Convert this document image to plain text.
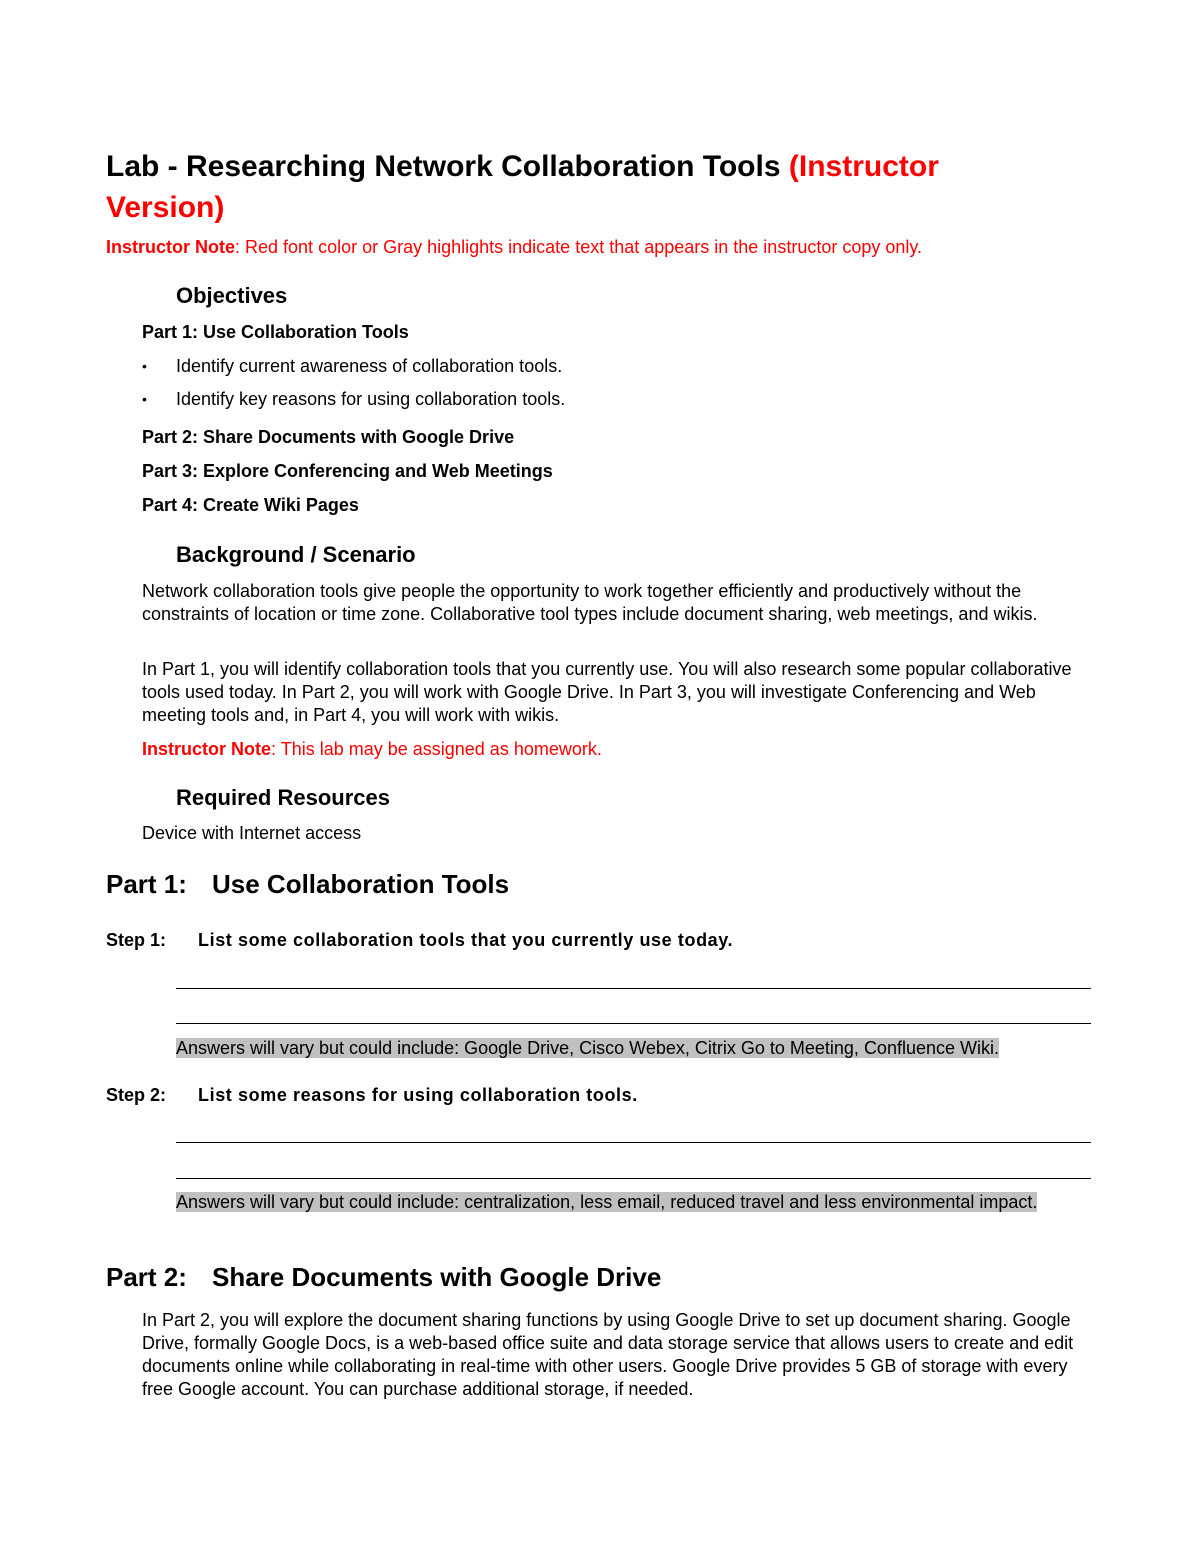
Lab - Researching Network Collaboration Tools (Instructor Version)

Instructor Note: Red font color or Gray highlights indicate text that appears in the instructor copy only.

Objectives

Part 1: Use Collaboration Tools

• Identify current awareness of collaboration tools.

• Identify key reasons for using collaboration tools.

Part 2: Share Documents with Google Drive

Part 3: Explore Conferencing and Web Meetings

Part 4: Create Wiki Pages

Background / Scenario

Network collaboration tools give people the opportunity to work together efficiently and productively without the constraints of location or time zone. Collaborative tool types include document sharing, web meetings, and wikis.

In Part 1, you will identify collaboration tools that you currently use. You will also research some popular collaborative tools used today. In Part 2, you will work with Google Drive. In Part 3, you will investigate Conferencing and Web meeting tools and, in Part 4, you will work with wikis.

Instructor Note: This lab may be assigned as homework.

Required Resources

Device with Internet access

Part 1: Use Collaboration Tools

Step 1: List some collaboration tools that you currently use today.

Answers will vary but could include: Google Drive, Cisco Webex, Citrix Go to Meeting, Confluence Wiki.

Step 2: List some reasons for using collaboration tools.

Answers will vary but could include: centralization, less email, reduced travel and less environmental impact.

Part 2: Share Documents with Google Drive

In Part 2, you will explore the document sharing functions by using Google Drive to set up document sharing. Google Drive, formally Google Docs, is a web-based office suite and data storage service that allows users to create and edit documents online while collaborating in real-time with other users. Google Drive provides 5 GB of storage with every free Google account. You can purchase additional storage, if needed.
